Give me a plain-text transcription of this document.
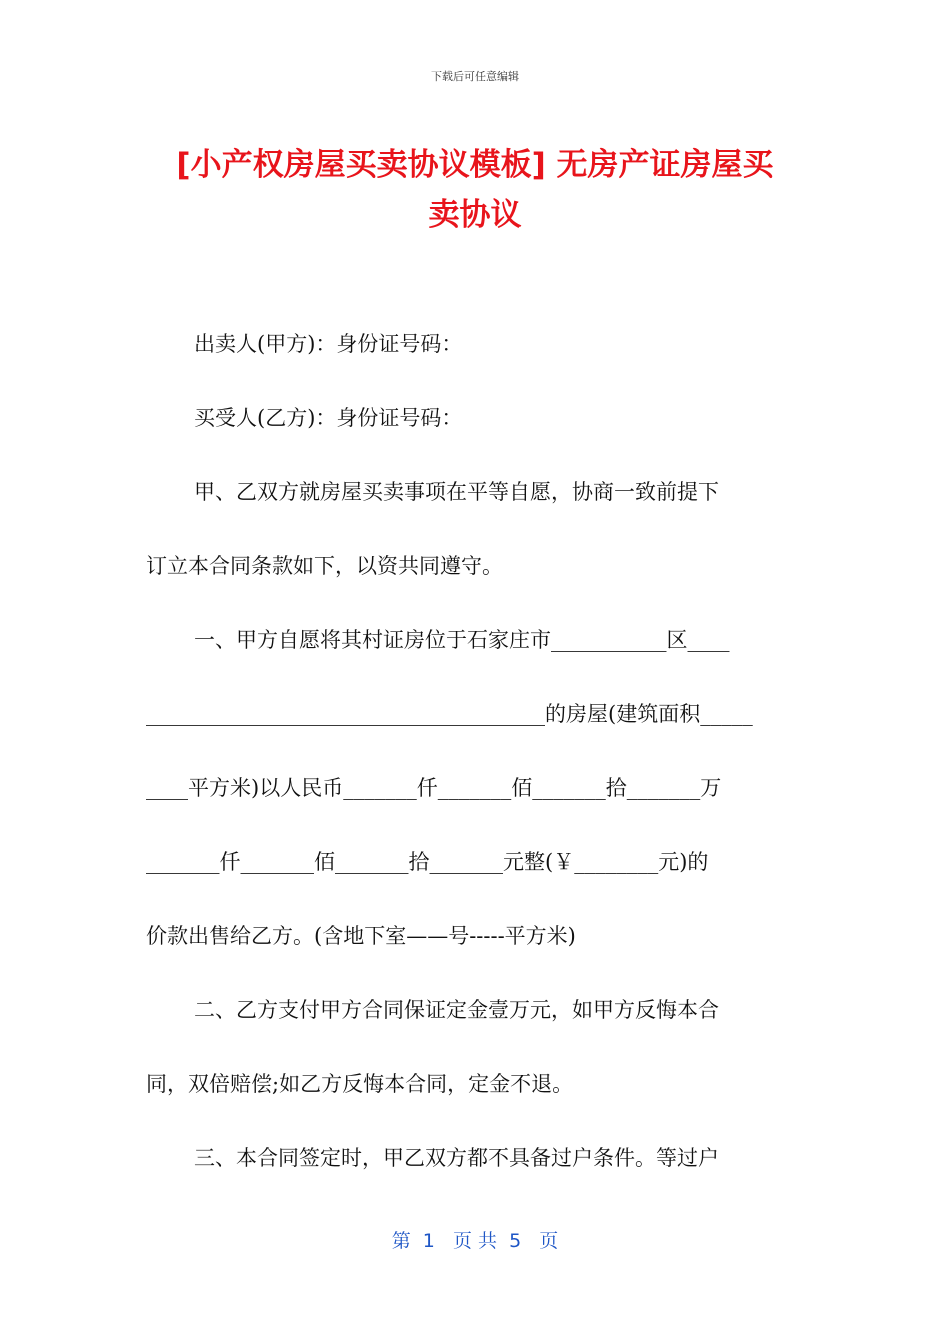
下载后可任意编辑
[小产权房屋买卖协议模板] 无房产证房屋买
卖协议
出卖人(甲方)：身份证号码：
买受人(乙方)：身份证号码：
甲、乙双方就房屋买卖事项在平等自愿，协商一致前提下
订立本合同条款如下，以资共同遵守。
一、甲方自愿将其村证房位于石家庄市___________区____
______________________________________的房屋(建筑面积_____
____平方米)以人民币_______仟_______佰_______拾_______万
_______仟_______佰_______拾_______元整(￥________元)的
价款出售给乙方。(含地下室——号-----平方米)
二、乙方支付甲方合同保证定金壹万元，如甲方反悔本合
同，双倍赔偿;如乙方反悔本合同，定金不退。
三、本合同签定时，甲乙双方都不具备过户条件。等过户
第  1   页 共  5   页
